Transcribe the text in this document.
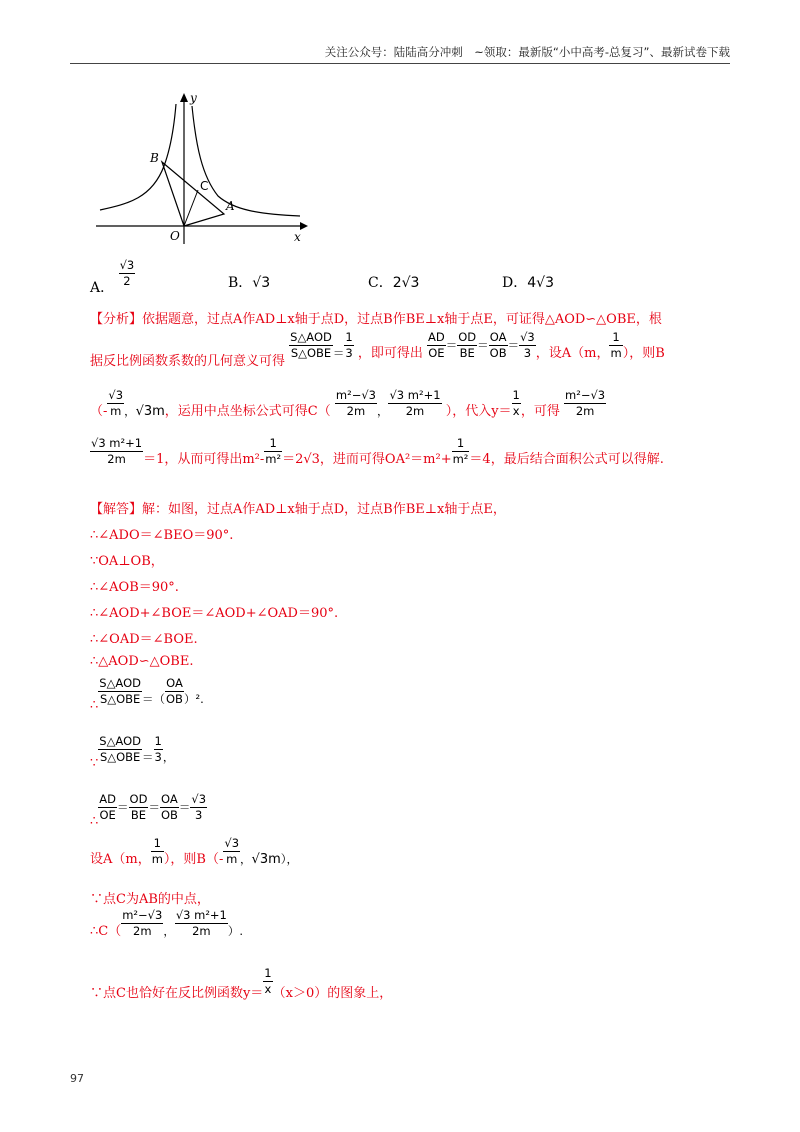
关注公众号：陆陆高分冲刺　~领取：最新版“小中高考-总复习”、最新试卷下载
y
x
O
A
B
C
A． $\frac{√3}{2}$	B．√3	C．2√3	D．4√3
【分析】依据题意，过点A作AD⊥x轴于点D，过点B作BE⊥x轴于点E，可证得△AOD∽△OBE，根
据反比例函数系数的几何意义可得
$\frac{\text{S△AOD}}{\text{S△OBE}} = \frac{1}{3}$ ，即可得出 $\frac{AD}{OE} = \frac{OD}{BE} = \frac{OA}{OB} = \frac{√3}{3}$ ，设A（m， $\frac{1}{m}$ ），则B
（- $\frac{√3}{m}$ ，√3m，运用中点坐标公式可得$C( \frac{\text{m²−√3}}{2m}$ ， $\frac{\text{√3 m²+1}}{2m}$ ），代入$y= \frac{1}{x}$ ，可得 $\frac{\text{m²−√3}}{2m}$
$\frac{\text{√3 m²+1}}{2m} =1$，从而可得出$m^2- \frac{1}{\text{m²}} =2√3$，进而可得$OA^2=m^2+ \frac{1}{\text{m²}} =4$，最后结合面积公式可以得解.
【解答】解：如图，过点A作AD⊥x轴于点D，过点B作BE⊥x轴于点E，
∴∠ADO＝∠BEO＝90°.
∵OA⊥OB，
∴∠AOB＝90°.
∴∠AOD+∠BOE＝∠AOD+∠OAD＝90°.
∴∠OAD＝∠BOE.
∴△AOD∽△OBE.
∴ $\frac{\text{S△AOD}}{\text{S△OBE}}$ ＝（ $\frac{OA}{OB} )^2$.
∵ $\frac{\text{S△AOD}}{\text{S△OBE}} = \frac{1}{3}$ ，
∴ $\frac{AD}{OE} = \frac{OD}{BE} = \frac{OA}{OB} = \frac{√3}{3}$
设A（m， $\frac{1}{m}$ ），则$B(- \frac{√3}{m}$ ，√3m），
∵点C为AB的中点，
∴C（ $\frac{\text{m²−√3}}{2m}$ ， $\frac{\text{√3 m²+1}}{2m}$ ）.
∵点C也恰好在反比例函数$y= \frac{1}{x} (x>0)$的图象上，
97
